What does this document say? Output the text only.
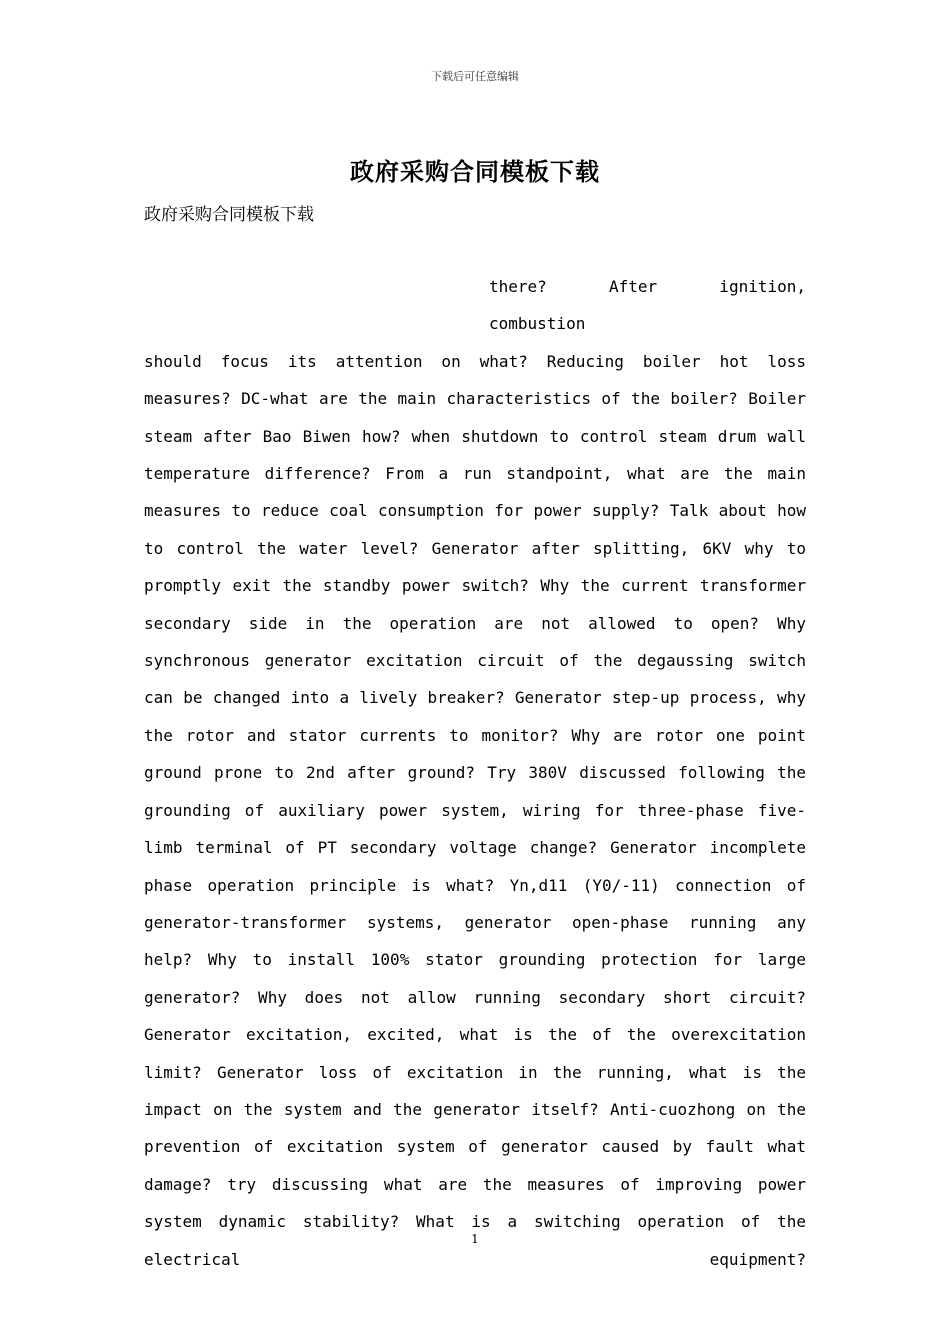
下载后可任意编辑
政府采购合同模板下载
政府采购合同模板下载
there? After ignition, combustion
should focus its attention on what? Reducing boiler hot loss measures? DC-what are the main characteristics of the boiler? Boiler steam after Bao Biwen how? when shutdown to control steam drum wall temperature difference? From a run standpoint, what are the main measures to reduce coal consumption for power supply? Talk about how to control the water level? Generator after splitting, 6KV why to promptly exit the standby power switch? Why the current transformer secondary side in the operation are not allowed to open? Why synchronous generator excitation circuit of the degaussing switch can be changed into a lively breaker? Generator step-up process, why the rotor and stator currents to monitor? Why are rotor one point ground prone to 2nd after ground? Try 380V discussed following the grounding of auxiliary power system, wiring for three-phase five-limb terminal of PT secondary voltage change? Generator incomplete phase operation principle is what? Yn,d11 (Y0/-11) connection of generator-transformer systems, generator open-phase running any help? Why to install 100% stator grounding protection for large generator? Why does not allow running secondary short circuit? Generator excitation, excited, what is the of the overexcitation limit? Generator loss of excitation in the running, what is the impact on the system and the generator itself? Anti-cuozhong on the prevention of excitation system of generator caused by fault what damage? try discussing what are the measures of improving power system dynamic stability? What is a switching operation of the electrical equipment?
1
